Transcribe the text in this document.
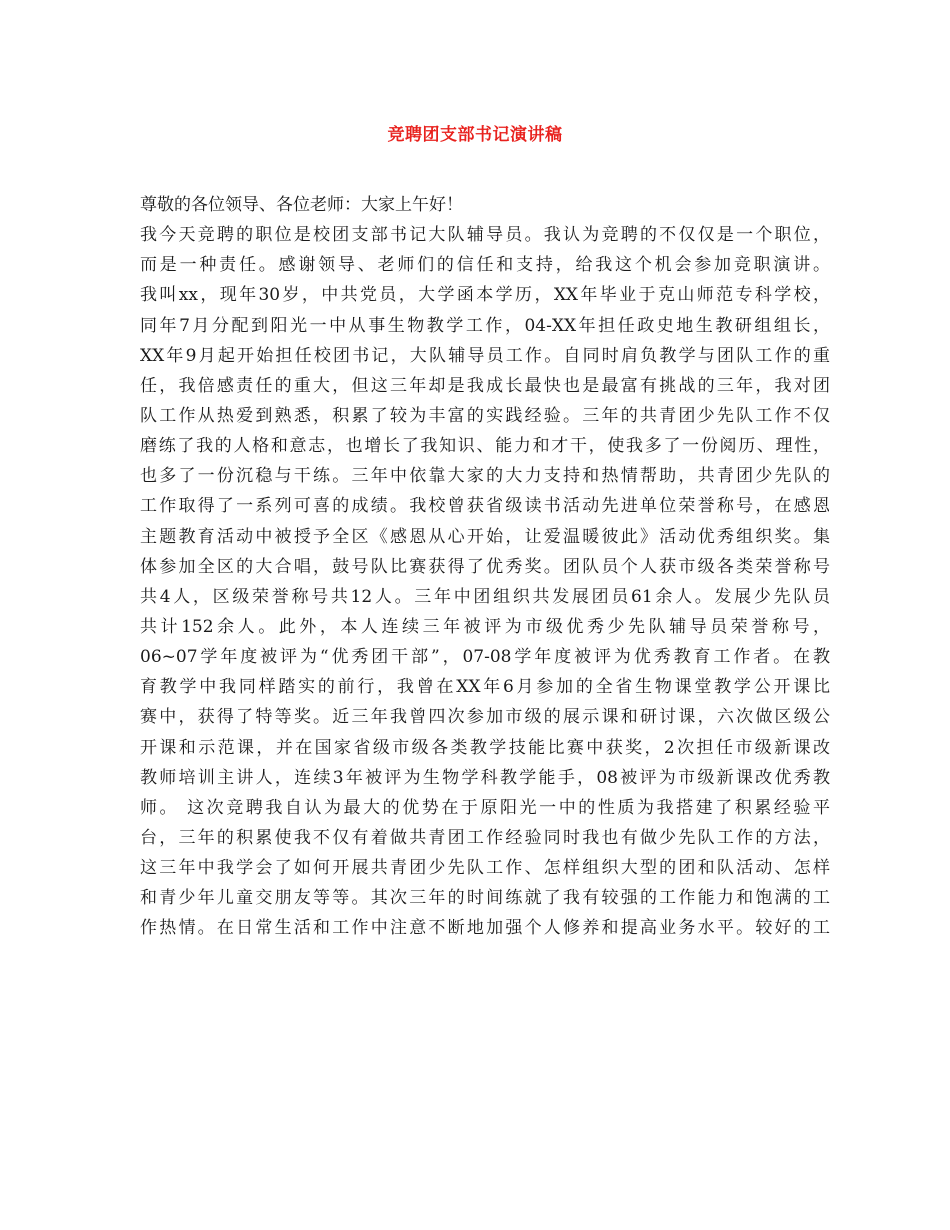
竞聘团支部书记演讲稿
尊敬的各位领导、各位老师：大家上午好！
我今天竞聘的职位是校团支部书记大队辅导员。我认为竞聘的不仅仅是一个职位，
而是一种责任。感谢领导、老师们的信任和支持，给我这个机会参加竞职演讲。
我叫xx，现年30岁，中共党员，大学函本学历，XX年毕业于克山师范专科学校，
同年7月分配到阳光一中从事生物教学工作，04-XX年担任政史地生教研组组长，
XX年9月起开始担任校团书记，大队辅导员工作。自同时肩负教学与团队工作的重
任，我倍感责任的重大，但这三年却是我成长最快也是最富有挑战的三年，我对团
队工作从热爱到熟悉，积累了较为丰富的实践经验。三年的共青团少先队工作不仅
磨练了我的人格和意志，也增长了我知识、能力和才干，使我多了一份阅历、理性，
也多了一份沉稳与干练。三年中依靠大家的大力支持和热情帮助，共青团少先队的
工作取得了一系列可喜的成绩。我校曾获省级读书活动先进单位荣誉称号，在感恩
主题教育活动中被授予全区《感恩从心开始，让爱温暖彼此》活动优秀组织奖。集
体参加全区的大合唱，鼓号队比赛获得了优秀奖。团队员个人获市级各类荣誉称号
共4人，区级荣誉称号共12人。三年中团组织共发展团员61余人。发展少先队员
共计152余人。此外，本人连续三年被评为市级优秀少先队辅导员荣誉称号，
06~07学年度被评为“优秀团干部”，07-08学年度被评为优秀教育工作者。在教
育教学中我同样踏实的前行，我曾在XX年6月参加的全省生物课堂教学公开课比
赛中，获得了特等奖。近三年我曾四次参加市级的展示课和研讨课，六次做区级公
开课和示范课，并在国家省级市级各类教学技能比赛中获奖，2次担任市级新课改
教师培训主讲人，连续3年被评为生物学科教学能手，08被评为市级新课改优秀教
师。 这次竞聘我自认为最大的优势在于原阳光一中的性质为我搭建了积累经验平
台，三年的积累使我不仅有着做共青团工作经验同时我也有做少先队工作的方法，
这三年中我学会了如何开展共青团少先队工作、怎样组织大型的团和队活动、怎样
和青少年儿童交朋友等等。其次三年的时间练就了我有较强的工作能力和饱满的工
作热情。在日常生活和工作中注意不断地加强个人修养和提高业务水平。较好的工
